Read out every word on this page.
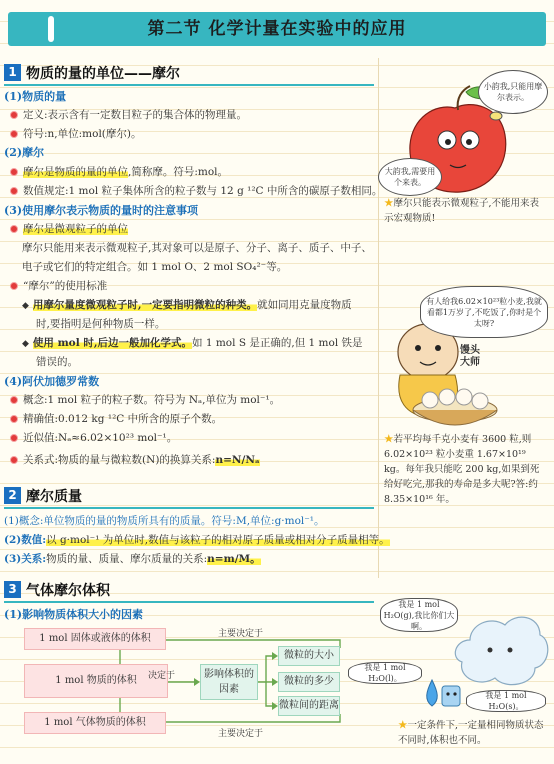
第二节 化学计量在实验中的应用
1 物质的量的单位——摩尔
(1)物质的量
定义:表示含有一定数目粒子的集合体的物理量。
符号:n,单位:mol(摩尔)。
(2)摩尔
摩尔是物质的量的单位,简称摩。符号:mol。
数值规定:1 mol 粒子集体所含的粒子数与 12 g ¹²C 中所含的碳原子数相同。
(3)使用摩尔表示物质的量时的注意事项
摩尔是微观粒子的单位
摩尔只能用来表示微观粒子,其对象可以是原子、分子、离子、质子、中子、
电子或它们的特定组合。如 1 mol O、2 mol SO₄²⁻等。
“摩尔”的使用标准
◆ 用摩尔量度微观粒子时,一定要指明微粒的种类。就如同用克量度物质
时,要指明是何种物质一样。
◆ 使用 mol 时,后边一般加化学式。如 1 mol S 是正确的,但 1 mol 铁是
错误的。
(4)阿伏加德罗常数
概念:1 mol 粒子的粒子数。符号为 Nₐ,单位为 mol⁻¹。
精确值:0.012 kg ¹²C 中所含的原子个数。
近似值:Nₐ≈6.02×10²³ mol⁻¹。
关系式:物质的量与微粒数(N)的换算关系:n=N/Nₐ
小韵我,只能用摩尔表示。
大韵我,需要用个来表。
★摩尔只能表示微观粒子,不能用来表示宏观物质!
有人给我6.02×10²³粒小麦,我就看都1万岁了,不吃饭了,你时是个太呀?
馒头大师
★若平均每千克小麦有 3600 粒,则 6.02×10²³ 粒小麦重 1.67×10¹⁹ kg。每年我只能吃 200 kg,如果到死给好吃完,那我的寿命是多大呢?答:约 8.35×10¹⁶ 年。
2 摩尔质量
(1)概念:单位物质的量的物质所具有的质量。符号:M,单位:g·mol⁻¹。
(2)数值:以 g·mol⁻¹ 为单位时,数值与该粒子的相对原子质量或相对分子质量相等。
(3)关系:物质的量、质量、摩尔质量的关系:n=m/M。
3 气体摩尔体积
(1)影响物质体积大小的因素
1 mol 固体或液体的体积
1 mol 物质的体积
1 mol 气体物质的体积
影响体积的因素
微粒的大小
微粒的多少
微粒间的距离
主要决定于
决定于
主要决定于
我是 1 mol H₂O(g),我比你们大啊。
我是 1 mol H₂O(l)。
我是 1 mol H₂O(s)。
★一定条件下,一定量相同物质状态不同时,体积也不同。
